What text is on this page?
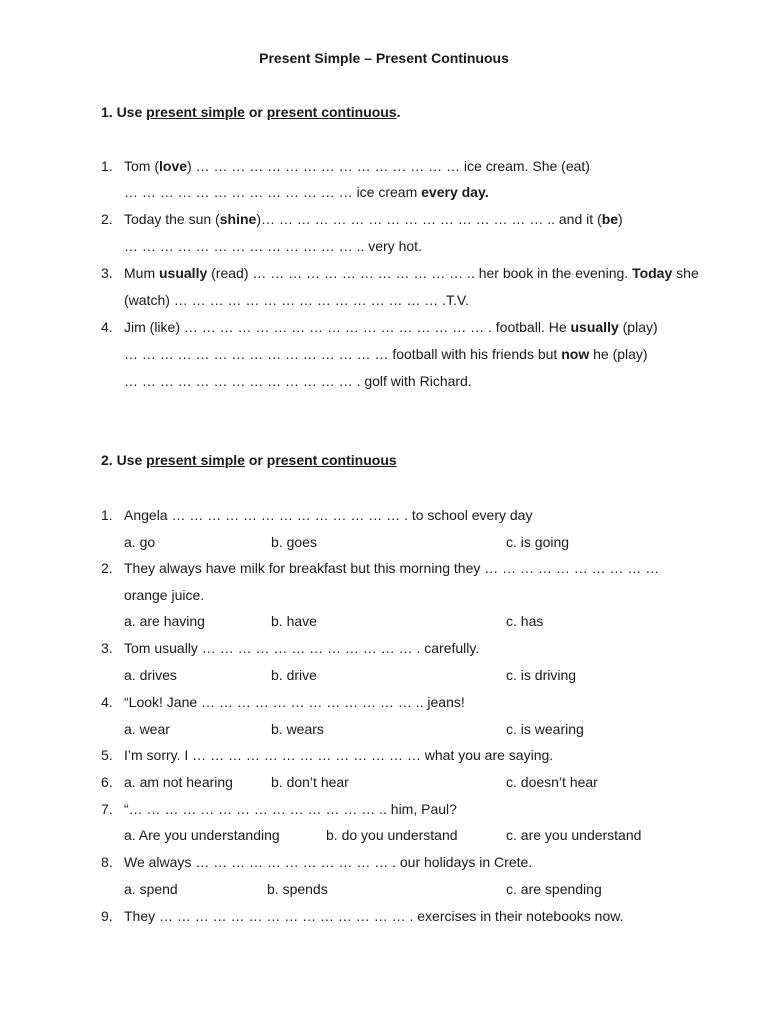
Present Simple – Present Continuous
1. Use present simple or present continuous.
1. Tom (love) … … … … … … … … … … … … … … … ice cream. She (eat)
… … … … … … … … … … … … … ice cream every day.
2. Today the sun (shine)… … … … … … … … … … … … … … … … .. and it (be)
… … … … … … … … … … … … … .. very hot.
3. Mum usually (read) … … … … … … … … … … … … .. her book in the evening. Today she
(watch) … … … … … … … … … … … … … … … .T.V.
4. Jim (like) … … … … … … … … … … … … … … … … … . football. He usually (play)
… … … … … … … … … … … … … … … football with his friends but now he (play)
… … … … … … … … … … … … … . golf with Richard.
2. Use present simple or present continuous
1. Angela … … … … … … … … … … … … … . to school every day
a. go	b. goes	c. is going
2. They always have milk for breakfast but this morning they … … … … … … … … … …
orange juice.
a. are having	b. have	c. has
3. Tom usually … … … … … … … … … … … … . carefully.
a. drives	b. drive	c. is driving
4. “Look! Jane … … … … … … … … … … … … .. jeans!
a. wear	b. wears	c. is wearing
5. I’m sorry. I … … … … … … … … … … … … … what you are saying.
6. a. am not hearing	b. don’t hear	c. doesn’t hear
7. “… … … … … … … … … … … … … … .. him, Paul?
a. Are you understanding	b. do you understand	c. are you understand
8. We always … … … … … … … … … … … . our holidays in Crete.
a. spend	b. spends	c. are spending
9. They … … … … … … … … … … … … … … . exercises in their notebooks now.
